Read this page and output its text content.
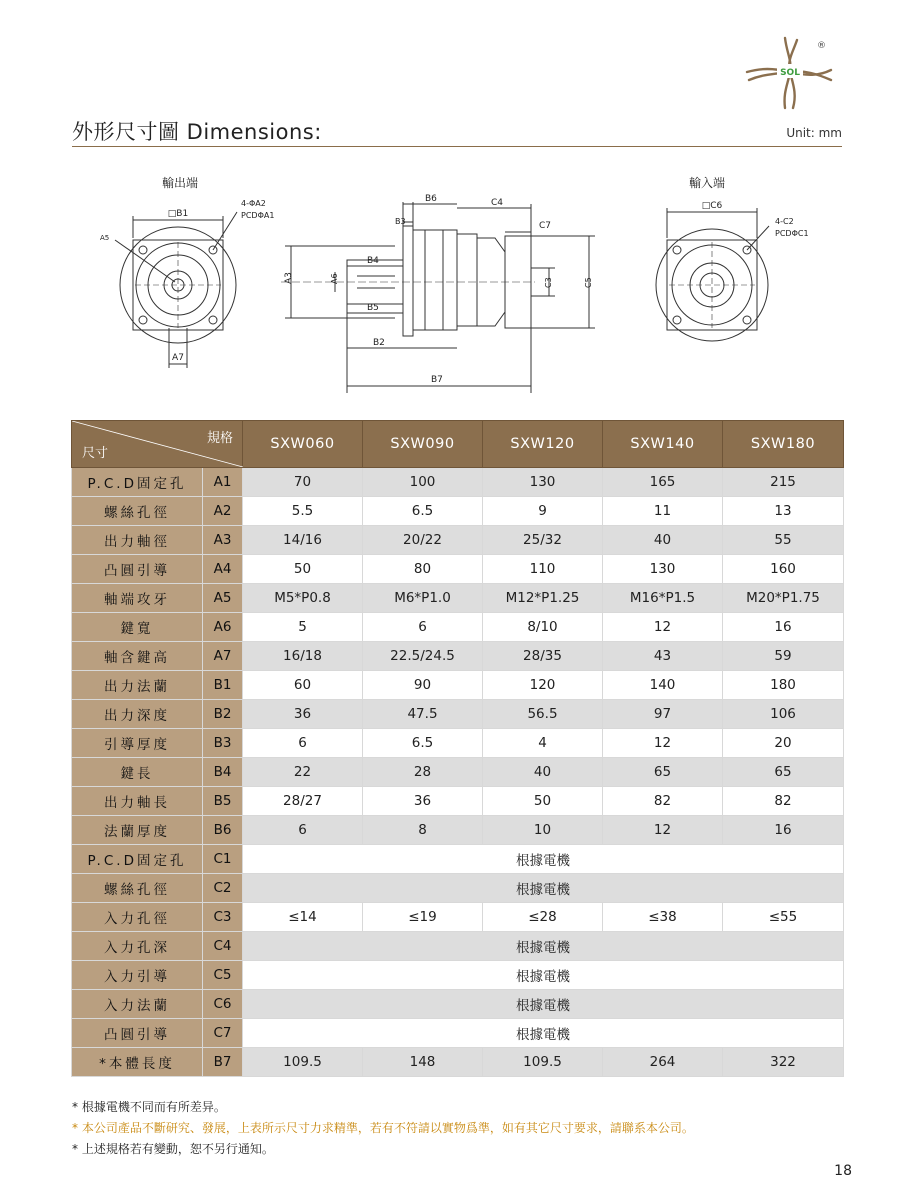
SOL
®
外形尺寸圖 Dimensions:	Unit: mm
輸出端
□B1
4-ΦA2
PCDΦA1
A5
A7
A3	A6
B4
B5
B2
B7
B6
B3
C4
C7
C3	C5
輸入端
□C6
4-C2
PCDΦC1
規格
尺寸		SXW060	SXW090	SXW120	SXW140	SXW180
P.C.D固定孔	A1	70	100	130	165	215
螺絲孔徑	A2	5.5	6.5	9	11	13
出力軸徑	A3	14/16	20/22	25/32	40	55
凸圓引導	A4	50	80	110	130	160
軸端攻牙	A5	M5*P0.8	M6*P1.0	M12*P1.25	M16*P1.5	M20*P1.75
鍵寬	A6	5	6	8/10	12	16
軸含鍵高	A7	16/18	22.5/24.5	28/35	43	59
出力法蘭	B1	60	90	120	140	180
出力深度	B2	36	47.5	56.5	97	106
引導厚度	B3	6	6.5	4	12	20
鍵長	B4	22	28	40	65	65
出力軸長	B5	28/27	36	50	82	82
法蘭厚度	B6	6	8	10	12	16
P.C.D固定孔	C1	根據電機				
螺絲孔徑	C2	根據電機				
入力孔徑	C3	≤14	≤19	≤28	≤38	≤55
入力孔深	C4	根據電機				
入力引導	C5	根據電機				
入力法蘭	C6	根據電機				
凸圓引導	C7	根據電機				
*本體長度	B7	109.5	148	109.5	264	322
* 根據電機不同而有所差异。
* 本公司產品不斷研究、發展，上表所示尺寸力求精準，若有不符請以實物爲準，如有其它尺寸要求，請聯系本公司。
* 上述規格若有變動，恕不另行通知。
18
